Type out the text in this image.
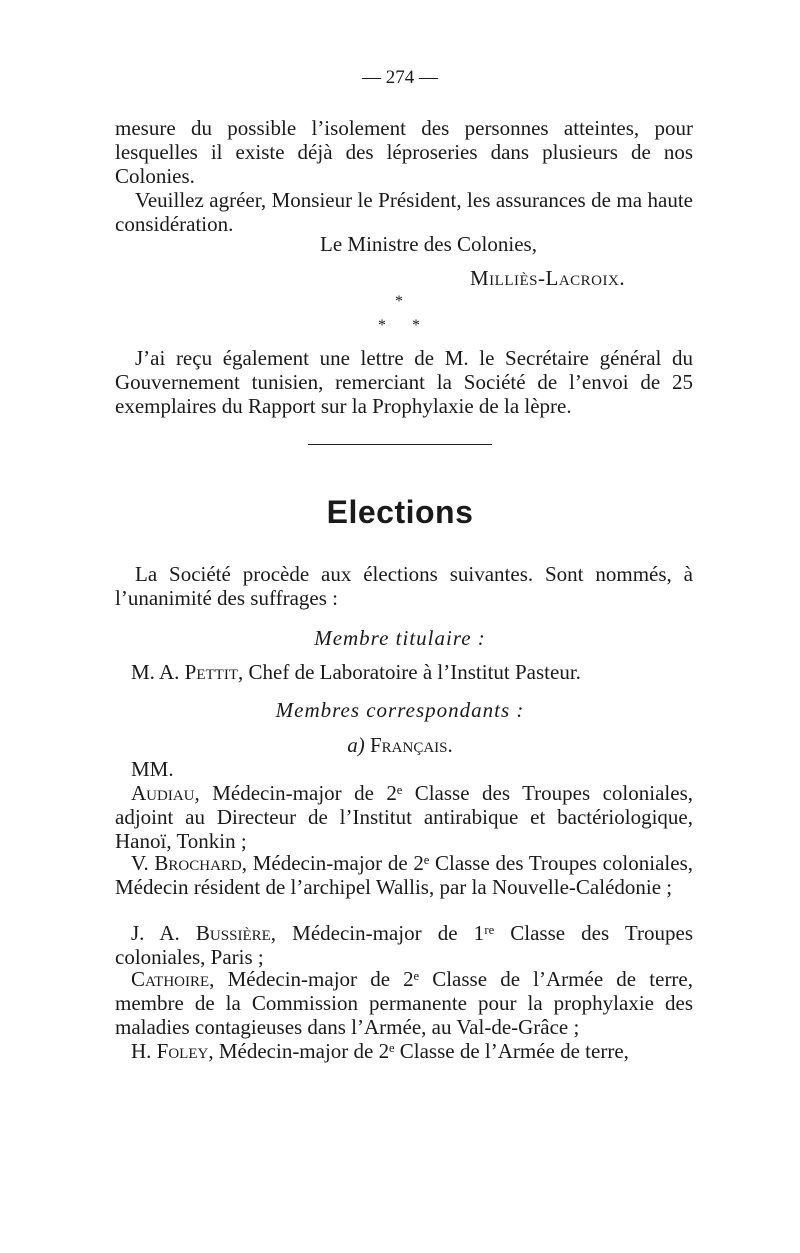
— 274 —

mesure du possible l’isolement des personnes atteintes, pour lesquelles il existe déjà des léproseries dans plusieurs de nos Colonies.

Veuillez agréer, Monsieur le Président, les assurances de ma haute considération.

Le Ministre des Colonies,
Milliès-Lacroix.
*
* *

J’ai reçu également une lettre de M. le Secrétaire général du Gouvernement tunisien, remerciant la Société de l’envoi de 25 exemplaires du Rapport sur la Prophylaxie de la lèpre.

Elections

La Société procède aux élections suivantes. Sont nommés, à l’unanimité des suffrages :

Membre titulaire :

M. A. Pettit, Chef de Laboratoire à l’Institut Pasteur.

Membres correspondants :
a) Français.
MM.

Audiau, Médecin-major de 2ᵉ Classe des Troupes coloniales, adjoint au Directeur de l’Institut antirabique et bactériologique, Hanoï, Tonkin ;

V. Brochard, Médecin-major de 2ᵉ Classe des Troupes coloniales, Médecin résident de l’archipel Wallis, par la Nouvelle-Calédonie ;

J. A. Bussière, Médecin-major de 1ʳᵉ Classe des Troupes coloniales, Paris ;

Cathoire, Médecin-major de 2ᵉ Classe de l’Armée de terre, membre de la Commission permanente pour la prophylaxie des maladies contagieuses dans l’Armée, au Val-de-Grâce ;

H. Foley, Médecin-major de 2ᵉ Classe de l’Armée de terre,
